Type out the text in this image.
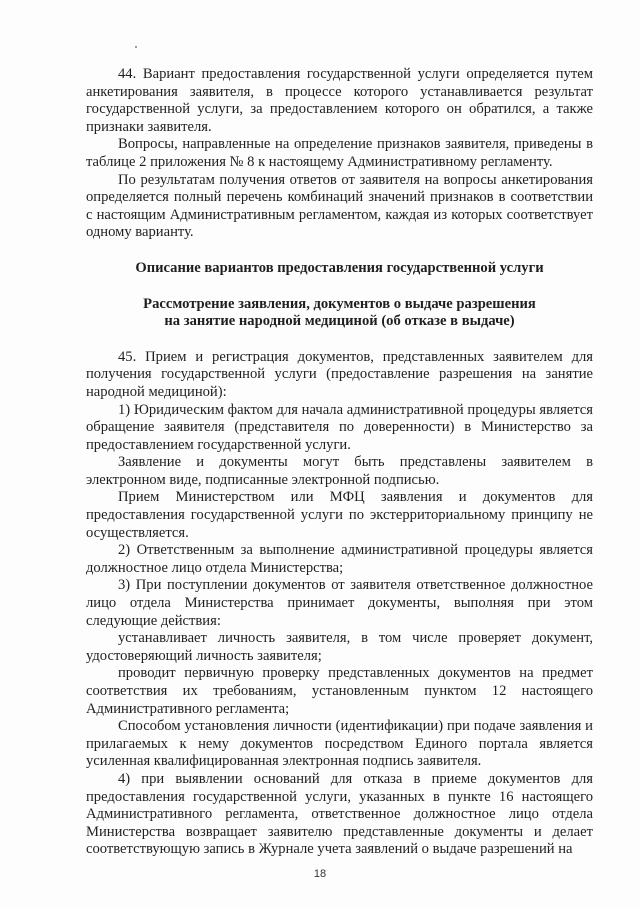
44. Вариант предоставления государственной услуги определяется путем анкетирования заявителя, в процессе которого устанавливается результат государственной услуги, за предоставлением которого он обратился, а также признаки заявителя.

Вопросы, направленные на определение признаков заявителя, приведены в таблице 2 приложения № 8 к настоящему Административному регламенту.

По результатам получения ответов от заявителя на вопросы анкетирования определяется полный перечень комбинаций значений признаков в соответствии с настоящим Административным регламентом, каждая из которых соответствует одному варианту.

Описание вариантов предоставления государственной услуги

Рассмотрение заявления, документов о выдаче разрешения

на занятие народной медициной (об отказе в выдаче)

45. Прием и регистрация документов, представленных заявителем для получения государственной услуги (предоставление разрешения на занятие народной медициной):

1) Юридическим фактом для начала административной процедуры является обращение заявителя (представителя по доверенности) в Министерство за предоставлением государственной услуги.

Заявление и документы могут быть представлены заявителем в электронном виде, подписанные электронной подписью.

Прием Министерством или МФЦ заявления и документов для предоставления государственной услуги по экстерриториальному принципу не осуществляется.

2) Ответственным за выполнение административной процедуры является должностное лицо отдела Министерства;

3) При поступлении документов от заявителя ответственное должностное лицо отдела Министерства принимает документы, выполняя при этом следующие действия:

устанавливает личность заявителя, в том числе проверяет документ, удостоверяющий личность заявителя;

проводит первичную проверку представленных документов на предмет соответствия их требованиям, установленным пунктом 12 настоящего Административного регламента;

Способом установления личности (идентификации) при подаче заявления и прилагаемых к нему документов посредством Единого портала является усиленная квалифицированная электронная подпись заявителя.

4) при выявлении оснований для отказа в приеме документов для предоставления государственной услуги, указанных в пункте 16 настоящего Административного регламента, ответственное должностное лицо отдела Министерства возвращает заявителю представленные документы и делает соответствующую запись в Журнале учета заявлений о выдаче разрешений на

18
